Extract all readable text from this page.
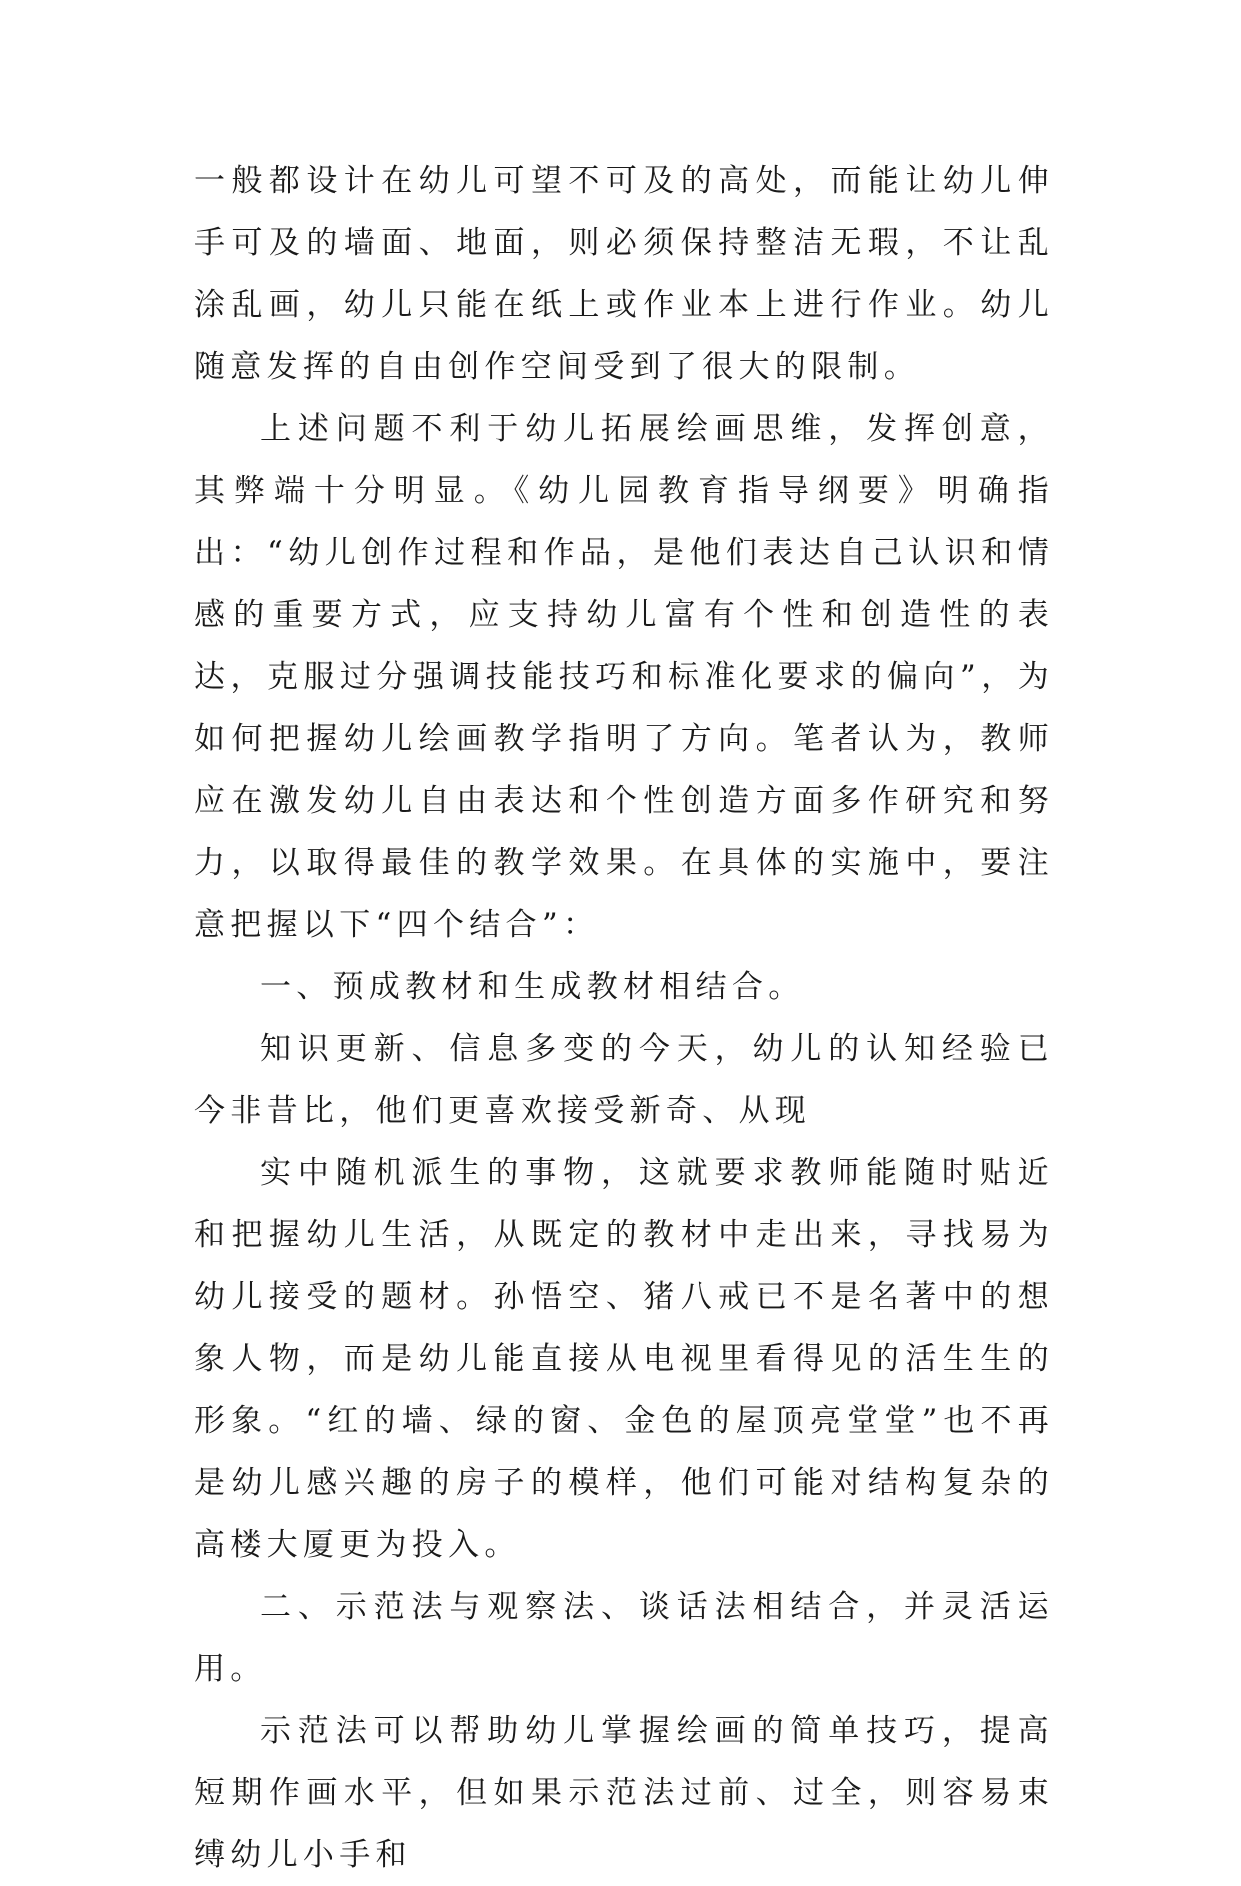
一般都设计在幼儿可望不可及的高处，而能让幼儿伸手可及的墙面、地面，则必须保持整洁无瑕，不让乱涂乱画，幼儿只能在纸上或作业本上进行作业。幼儿随意发挥的自由创作空间受到了很大的限制。

上述问题不利于幼儿拓展绘画思维，发挥创意，其弊端十分明显。《幼儿园教育指导纲要》明确指出：“幼儿创作过程和作品，是他们表达自己认识和情感的重要方式，应支持幼儿富有个性和创造性的表达，克服过分强调技能技巧和标准化要求的偏向”，为如何把握幼儿绘画教学指明了方向。笔者认为，教师应在激发幼儿自由表达和个性创造方面多作研究和努力，以取得最佳的教学效果。在具体的实施中，要注意把握以下“四个结合”：

一、预成教材和生成教材相结合。

知识更新、信息多变的今天，幼儿的认知经验已今非昔比，他们更喜欢接受新奇、从现

实中随机派生的事物，这就要求教师能随时贴近和把握幼儿生活，从既定的教材中走出来，寻找易为幼儿接受的题材。孙悟空、猪八戒已不是名著中的想象人物，而是幼儿能直接从电视里看得见的活生生的形象。“红的墙、绿的窗、金色的屋顶亮堂堂”也不再是幼儿感兴趣的房子的模样，他们可能对结构复杂的高楼大厦更为投入。

二、示范法与观察法、谈话法相结合，并灵活运用。

示范法可以帮助幼儿掌握绘画的简单技巧，提高短期作画水平，但如果示范法过前、过全，则容易束缚幼儿小手和
